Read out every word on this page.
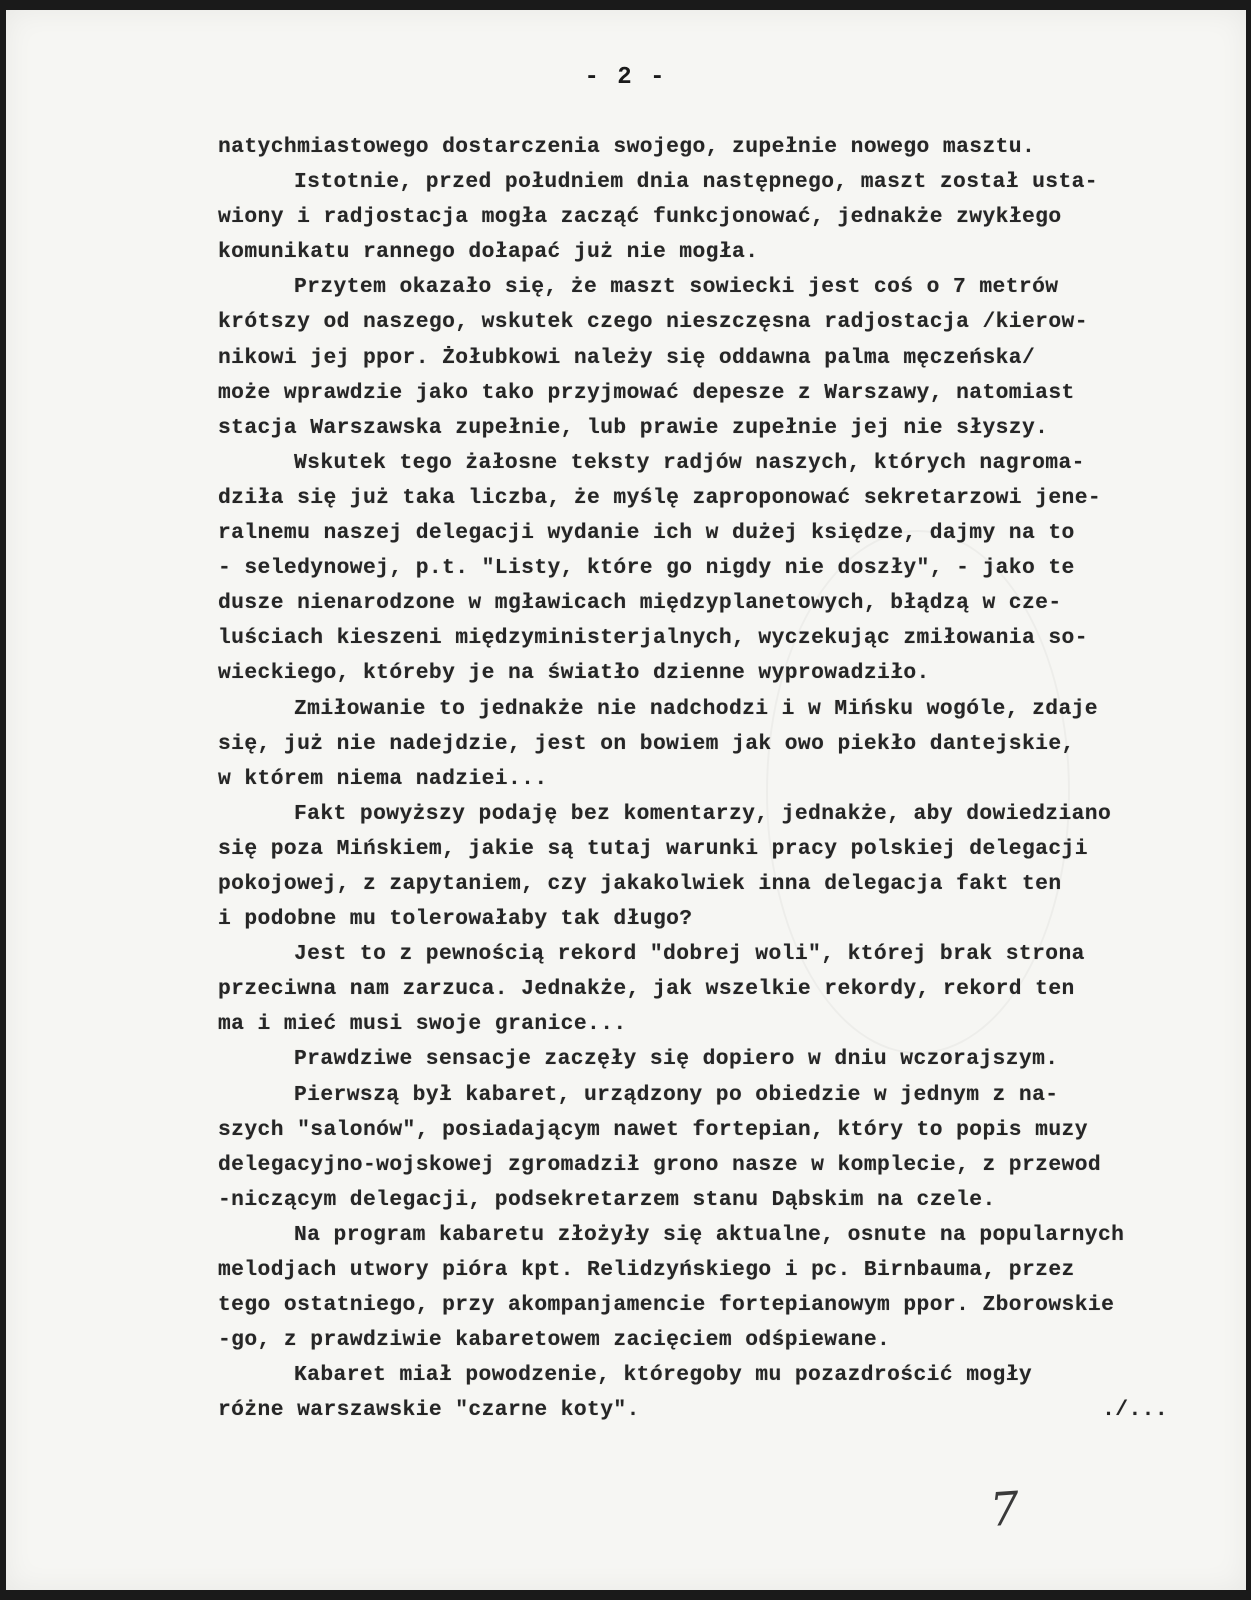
- 2 -
natychmiastowego dostarczenia swojego, zupełnie nowego masztu.
Istotnie, przed południem dnia następnego, maszt został usta-
wiony i radjostacja mogła zacząć funkcjonować, jednakże zwykłego
komunikatu rannego dołapać już nie mogła.
Przytem okazało się, że maszt sowiecki jest coś o 7 metrów
krótszy od naszego, wskutek czego nieszczęsna radjostacja /kierow-
nikowi jej ppor. Żołubkowi należy się oddawna palma męczeńska/
może wprawdzie jako tako przyjmować depesze z Warszawy, natomiast
stacja Warszawska zupełnie, lub prawie zupełnie jej nie słyszy.
Wskutek tego żałosne teksty radjów naszych, których nagroma-
dziła się już taka liczba, że myślę zaproponować sekretarzowi jene-
ralnemu naszej delegacji wydanie ich w dużej księdze, dajmy na to
- seledynowej, p.t. "Listy, które go nigdy nie doszły", - jako te
dusze nienarodzone w mgławicach międzyplanetowych, błądzą w cze-
luściach kieszeni międzyministerjalnych, wyczekując zmiłowania so-
wieckiego, któreby je na światło dzienne wyprowadziło.
Zmiłowanie to jednakże nie nadchodzi i w Mińsku wogóle, zdaje
się, już nie nadejdzie, jest on bowiem jak owo piekło dantejskie,
w którem niema nadziei...
Fakt powyższy podaję bez komentarzy, jednakże, aby dowiedziano
się poza Mińskiem, jakie są tutaj warunki pracy polskiej delegacji
pokojowej, z zapytaniem, czy jakakolwiek inna delegacja fakt ten
i podobne mu tolerowałaby tak długo?
Jest to z pewnością rekord "dobrej woli", której brak strona
przeciwna nam zarzuca. Jednakże, jak wszelkie rekordy, rekord ten
ma i mieć musi swoje granice...
Prawdziwe sensacje zaczęły się dopiero w dniu wczorajszym.
Pierwszą był kabaret, urządzony po obiedzie w jednym z na-
szych "salonów", posiadającym nawet fortepian, który to popis muzy
delegacyjno-wojskowej zgromadził grono nasze w komplecie, z przewod
-niczącym delegacji, podsekretarzem stanu Dąbskim na czele.
Na program kabaretu złożyły się aktualne, osnute na popularnych
melodjach utwory pióra kpt. Relidzyńskiego i pc. Birnbauma, przez
tego ostatniego, przy akompanjamencie fortepianowym ppor. Zborowskie
-go, z prawdziwie kabaretowem zacięciem odśpiewane.
Kabaret miał powodzenie, któregoby mu pozazdrościć mogły
różne warszawskie "czarne koty".	./...
7
